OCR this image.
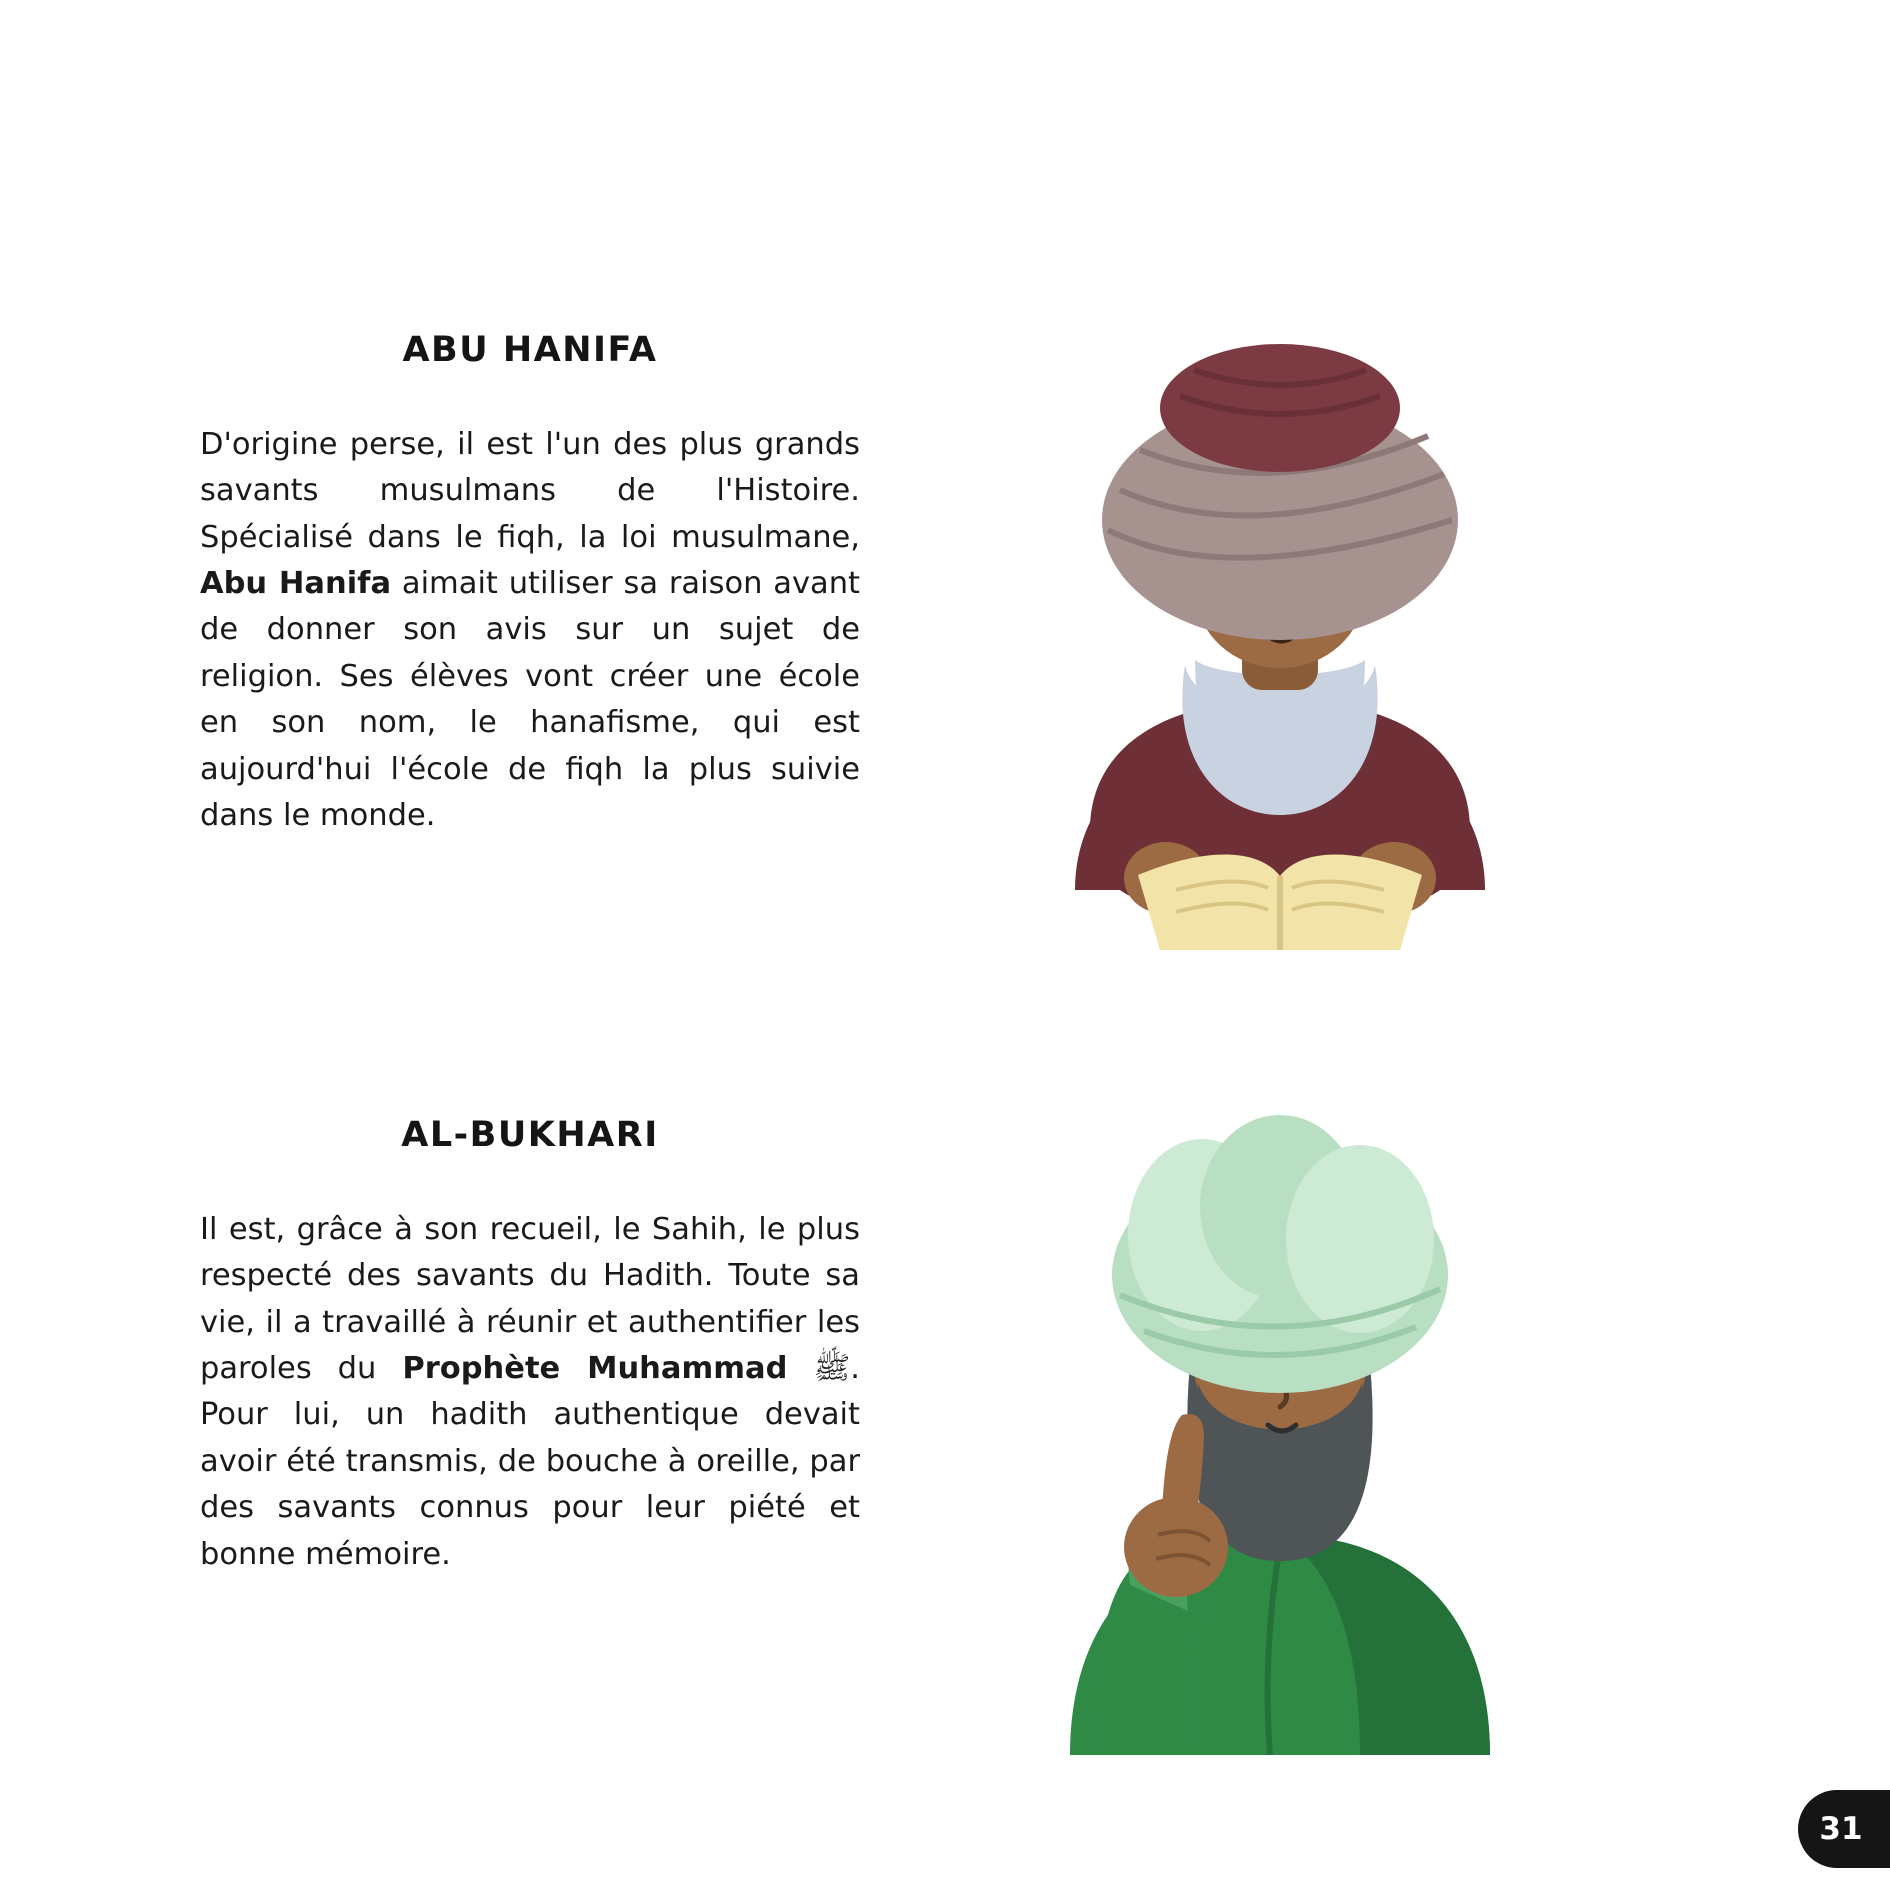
ABU HANIFA

D'origine perse, il est l'un des plus grands savants musulmans de l'Histoire. Spécialisé dans le fiqh, la loi musulmane, Abu Hanifa aimait utiliser sa raison avant de donner son avis sur un sujet de religion. Ses élèves vont créer une école en son nom, le hanafisme, qui est aujourd'hui l'école de fiqh la plus suivie dans le monde.

AL-BUKHARI

Il est, grâce à son recueil, le Sahih, le plus respecté des savants du Hadith. Toute sa vie, il a travaillé à réunir et authentifier les paroles du Prophète Muhammad ﷺ. Pour lui, un hadith authentique devait avoir été transmis, de bouche à oreille, par des savants connus pour leur piété et bonne mémoire.

31
